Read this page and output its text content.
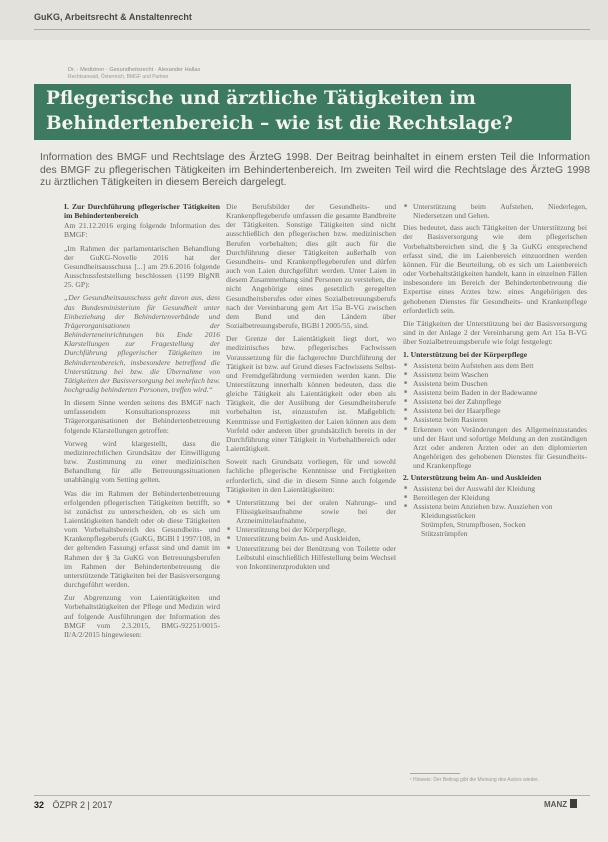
GuKG, Arbeitsrecht & Anstaltenrecht
Dr. · Mediziner · Gesundheitsrecht · Alexander Hallas
Rechtsanwalt, Österreich, BMGF und Partner
Pflegerische und ärztliche Tätigkeiten im
Behindertenbereich – wie ist die Rechtslage?
Information des BMGF und Rechtslage des ÄrzteG 1998. Der Beitrag beinhaltet in einem ersten Teil die Information des BMGF zu pflegerischen Tätigkeiten im Behindertenbereich. Im zweiten Teil wird die Rechtslage des ÄrzteG 1998 zu ärztlichen Tätigkeiten in diesem Bereich dargelegt.
I. Zur Durchführung pflegerischer Tätigkeiten im Behindertenbereich

Am 21.12.2016 erging folgende Information des BMGF:

„Im Rahmen der parlamentarischen Behandlung der GuKG-Novelle 2016 hat der Gesundheitsausschuss [...] am 29.6.2016 folgende Ausschussfeststellung beschlossen (1199 BlgNR 25. GP):

„Der Gesundheitsausschuss geht davon aus, dass das Bundesministerium für Gesundheit unter Einbeziehung der Behindertenverbände und Trägerorganisationen der Behinderteneinrichtungen bis Ende 2016 Klarstellungen zur Fragestellung der Durchführung pflegerischer Tätigkeiten im Behindertenbereich, insbesondere betreffend die Unterstützung bei bzw. die Übernahme von Tätigkeiten der Basisversorgung bei mehrfach bzw. hochgradig behinderten Personen, treffen wird.“

In diesem Sinne werden seitens des BMGF nach umfassendem Konsultationsprozess mit Trägerorganisationen der Behindertenbetreuung folgende Klarstellungen getroffen:

Vorweg wird klargestellt, dass die medizinrechtlichen Grundsätze der Einwilligung bzw. Zustimmung zu einer medizinischen Behandlung für alle Betreuungssituationen unabhängig vom Setting gelten.

Was die im Rahmen der Behindertenbetreuung erfolgenden pflegerischen Tätigkeiten betrifft, so ist zunächst zu unterscheiden, ob es sich um Laientätigkeiten handelt oder ob diese Tätigkeiten vom Vorbehaltsbereich des Gesundheits- und Krankenpflegeberufs (GuKG, BGBl I 1997/108, in der geltenden Fassung) erfasst sind und damit im Rahmen der § 3a GuKG von Betreuungsberufen im Rahmen der Behindertenbetreuung die unterstützende Tätigkeiten bei der Basisversorgung durchgeführt werden.

Zur Abgrenzung von Laientätigkeiten und Vorbehaltstätigkeiten der Pflege und Medizin wird auf folgende Ausführungen der Information des BMGF vom 2.3.2015, BMG-92251/0015-II/A/2/2015 hingewiesen:

Die Berufsbilder der Gesundheits- und Krankenpflegeberufe umfassen die gesamte Bandbreite der Tätigkeiten. Sonstige Tätigkeiten sind nicht ausschließlich den pflegerischen bzw. medizinischen Berufen vorbehalten; dies gilt auch für die Durchführung dieser Tätigkeiten außerhalb von Gesundheits- und Krankenpflegeberufen und dürfen auch von Laien durchgeführt werden. Unter Laien in diesem Zusammenhang sind Personen zu verstehen, die nicht Angehörige eines gesetzlich geregelten Gesundheitsberufes oder eines Sozialbetreuungsberufs nach der Vereinbarung gem Art 15a B-VG zwischen dem Bund und den Ländern über Sozialbetreuungsberufe, BGBl I 2005/55, sind.

Der Grenze der Laientätigkeit liegt dort, wo medizinisches bzw. pflegerisches Fachwissen Voraussetzung für die fachgerechte Durchführung der Tätigkeit ist bzw. auf Grund dieses Fachwissens Selbst- und Fremdgefährdung vermieden werden kann. Die Unterstützung innerhalb können bedeuten, dass die gleiche Tätigkeit als Laientätigkeit oder eben als Tätigkeit, die der Ausübung der Gesundheitsberufe vorbehalten ist, einzustufen ist. Maßgeblich: Kenntnisse und Fertigkeiten der Laien können aus dem Vorfeld oder anderen über grundsätzlich bereits in der Durchführung einer Tätigkeit in Vorbehaltbereich oder Laientätigkeit.

Soweit nach Grundsatz vorliegen, für und sowohl fachliche pflegerische Kenntnisse und Fertigkeiten erforderlich, sind die in diesem Sinne auch folgende Tätigkeiten in den Laientätigkeiten:

■ Unterstützung bei der oralen Nahrungs- und Flüssigkeitsaufnahme sowie bei der Arzneimittelaufnahme,
■ Unterstützung bei der Körperpflege,
■ Unterstützung beim An- und Auskleiden,
■ Unterstützung bei der Benützung von Toilette oder Leibstuhl einschließlich Hilfestellung beim Wechsel von Inkontinenzprodukten und
■ Unterstützung beim Aufstehen, Niederlegen, Niedersetzen und Gehen.

Dies bedeutet, dass auch Tätigkeiten der Unterstützung bei der Basisversorgung wie dem pflegerischen Vorbehaltsbereichen sind, die § 3a GuKG entsprechend erfasst sind, die im Laienbereich einzuordnen werden können. Für die Beurteilung, ob es sich um Laienbereich oder Vorbehaltstätigkeiten handelt, kann in einzelnen Fällen insbesondere im Bereich der Behindertenbetreuung die Expertise eines Arztes bzw. eines Angehörigen des gehobenen Dienstes für Gesundheits- und Krankenpflege erforderlich sein.

Die Tätigkeiten der Unterstützung bei der Basisversorgung sind in der Anlage 2 der Vereinbarung gem Art 15a B-VG über Sozialbetreuungsberufe wie folgt festgelegt:

1. Unterstützung bei der Körperpflege
■ Assistenz beim Aufstehen aus dem Bett
■ Assistenz beim Waschen
■ Assistenz beim Duschen
■ Assistenz beim Baden in der Badewanne
■ Assistenz bei der Zahnpflege
■ Assistenz bei der Haarpflege
■ Assistenz beim Rasieren
■ Erkennen von Veränderungen des Allgemeinzustandes und der Haut und sofortige Meldung an den zuständigen Arzt oder anderen Ärzten oder an den diplomierten Angehörigen des gehobenen Dienstes für Gesundheits- und Krankenpflege
2. Unterstützung beim An- und Auskleiden
■ Assistenz bei der Auswahl der Kleidung
■ Bereitlegen der Kleidung
■ Assistenz beim Anziehen bzw. Ausziehen von
Kleidungsstücken
Strümpfen, Strumpfhosen, Socken
Stützstrümpfen
¹ Hinweis: Der Beitrag gibt die Meinung des Autors wieder.
32 ÖZPR 2 | 2017	MANZ
